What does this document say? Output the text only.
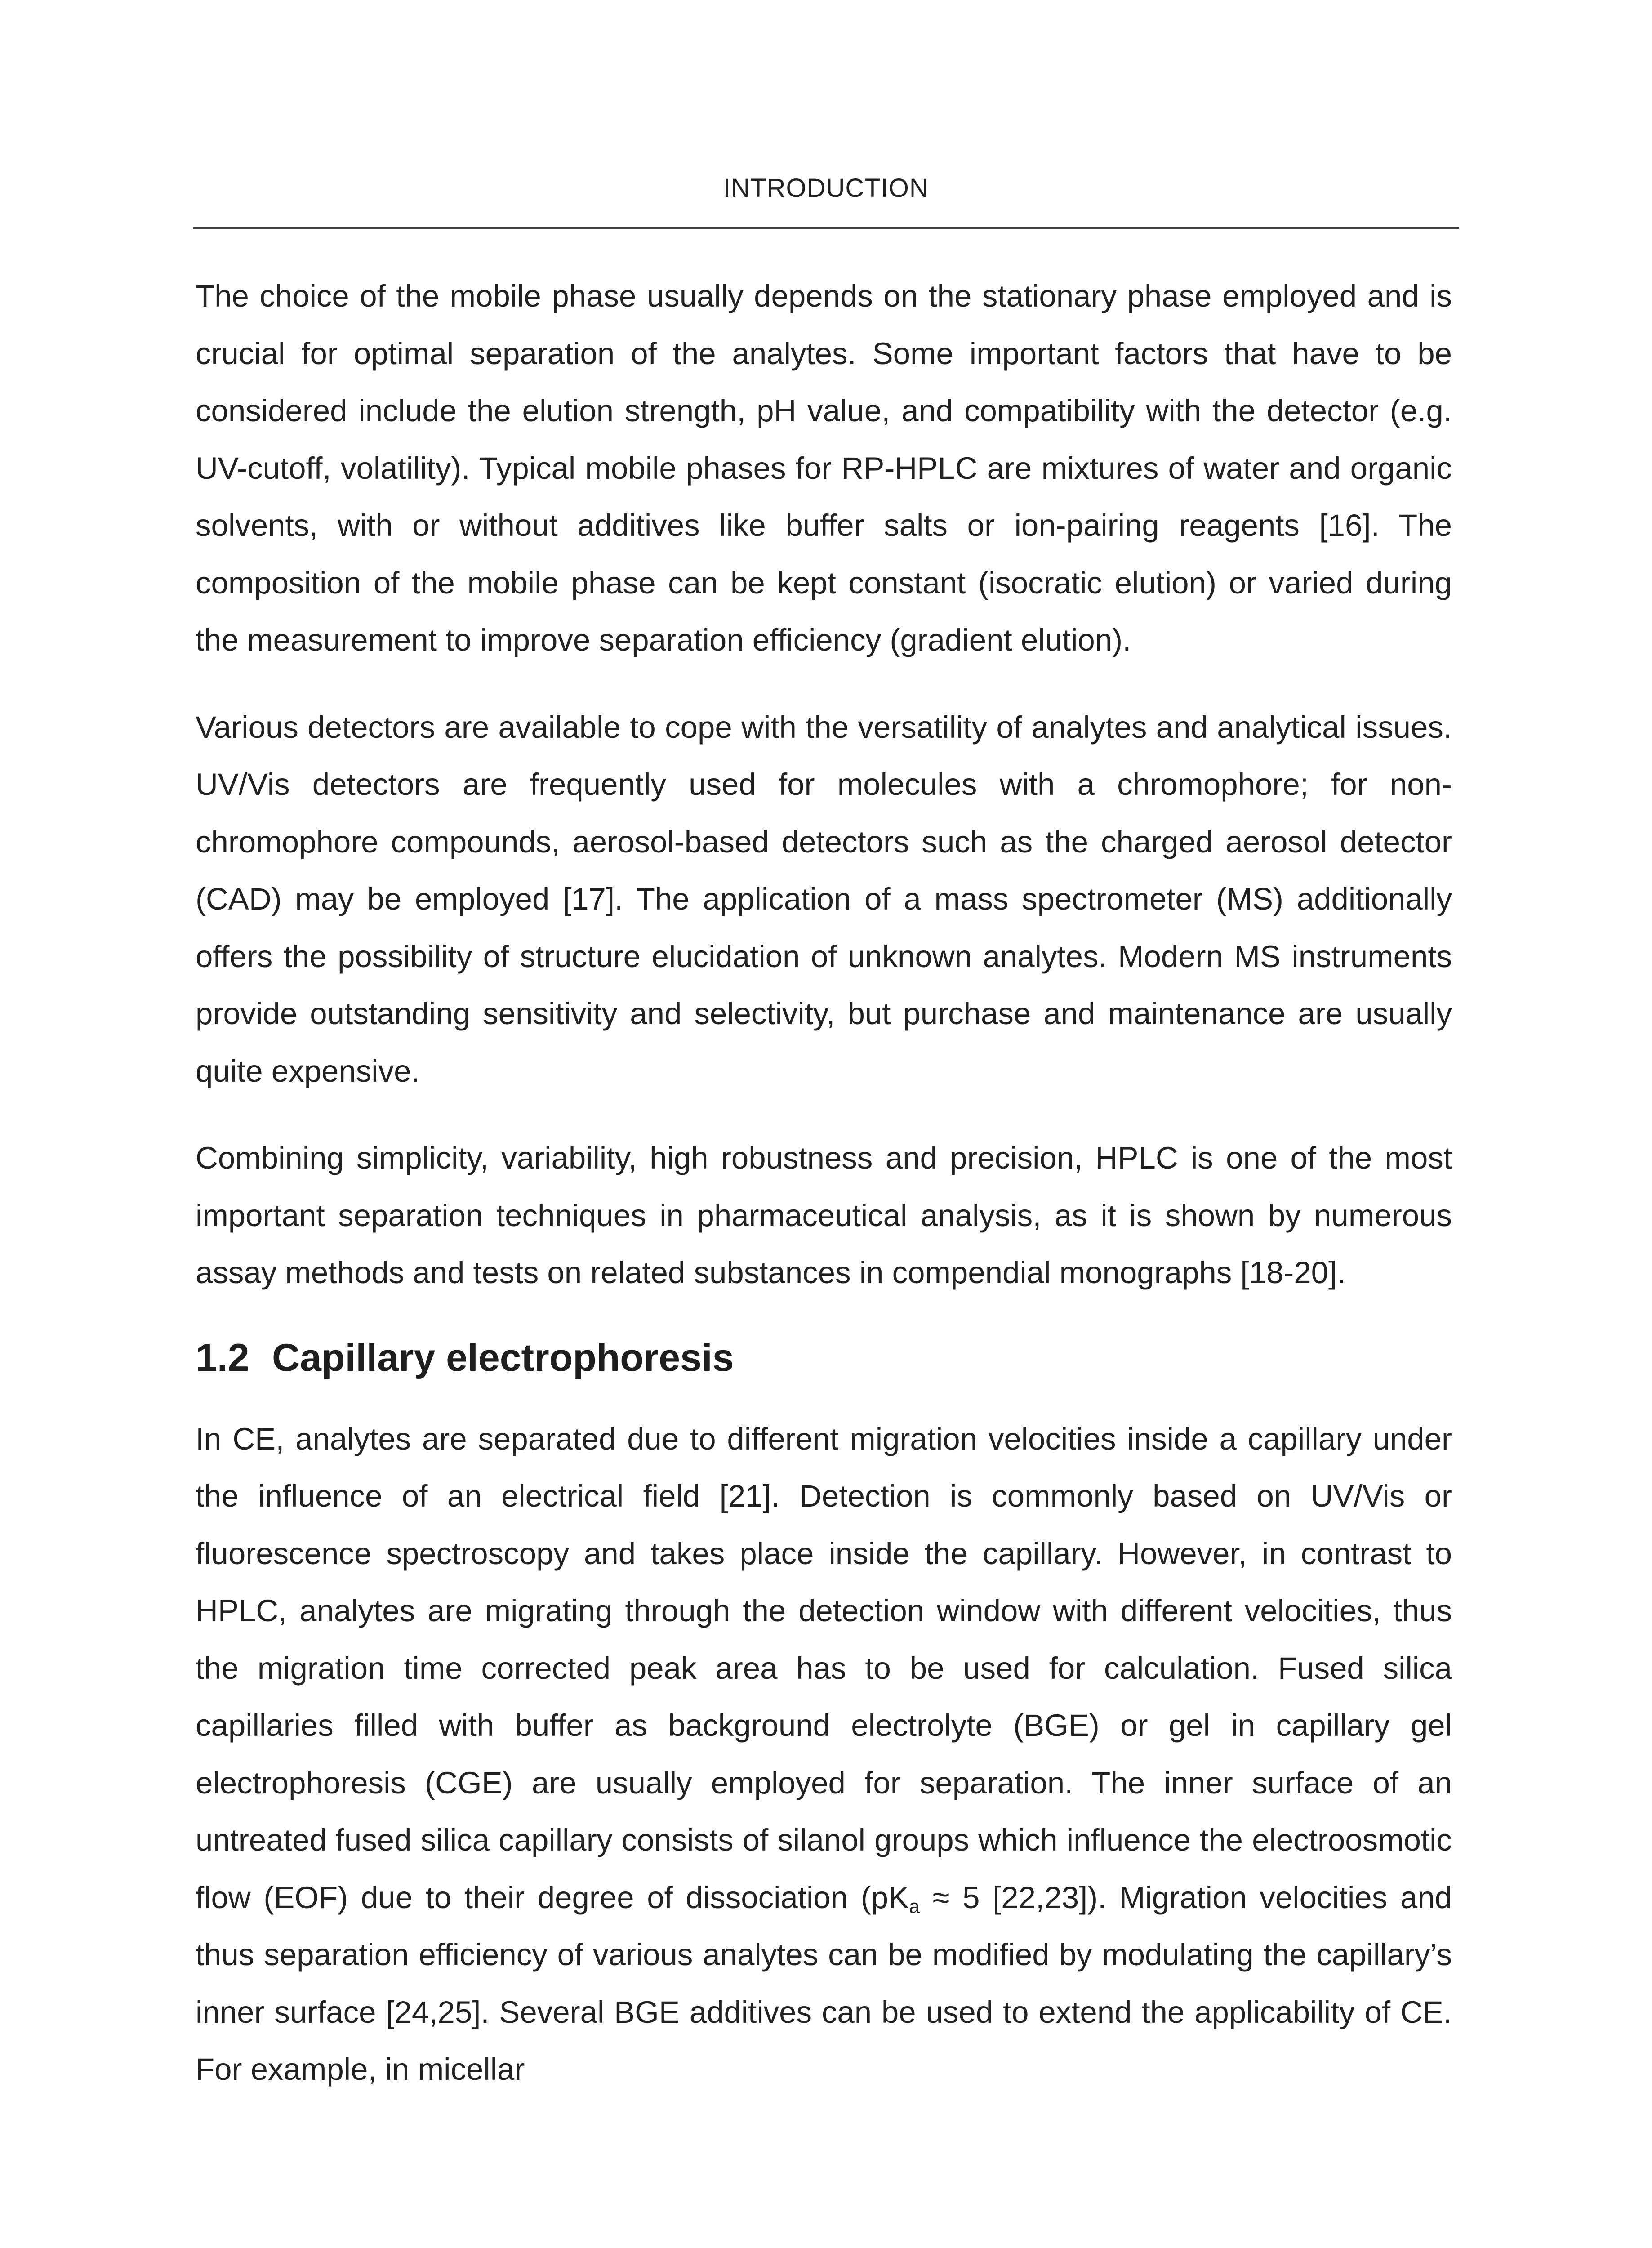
INTRODUCTION

The choice of the mobile phase usually depends on the stationary phase employed and is crucial for optimal separation of the analytes. Some important factors that have to be considered include the elution strength, pH value, and compatibility with the detector (e.g. UV-cutoff, volatility). Typical mobile phases for RP-HPLC are mixtures of water and organic solvents, with or without additives like buffer salts or ion-pairing reagents [16]. The composition of the mobile phase can be kept constant (isocratic elution) or varied during the measurement to improve separation efficiency (gradient elution).

Various detectors are available to cope with the versatility of analytes and analytical issues. UV/Vis detectors are frequently used for molecules with a chromophore; for non-chromophore compounds, aerosol-based detectors such as the charged aerosol detector (CAD) may be employed [17]. The application of a mass spectrometer (MS) additionally offers the possibility of structure elucidation of unknown analytes. Modern MS instruments provide outstanding sensitivity and selectivity, but purchase and maintenance are usually quite expensive.

Combining simplicity, variability, high robustness and precision, HPLC is one of the most important separation techniques in pharmaceutical analysis, as it is shown by numerous assay methods and tests on related substances in compendial monographs [18-20].

1.2 Capillary electrophoresis

In CE, analytes are separated due to different migration velocities inside a capillary under the influence of an electrical field [21]. Detection is commonly based on UV/Vis or fluorescence spectroscopy and takes place inside the capillary. However, in contrast to HPLC, analytes are migrating through the detection window with different velocities, thus the migration time corrected peak area has to be used for calculation. Fused silica capillaries filled with buffer as background electrolyte (BGE) or gel in capillary gel electrophoresis (CGE) are usually employed for separation. The inner surface of an untreated fused silica capillary consists of silanol groups which influence the electroosmotic flow (EOF) due to their degree of dissociation ($pK_a \approx 5$ [22,23]). Migration velocities and thus separation efficiency of various analytes can be modified by modulating the capillary’s inner surface [24,25]. Several BGE additives can be used to extend the applicability of CE. For example, in micellar
